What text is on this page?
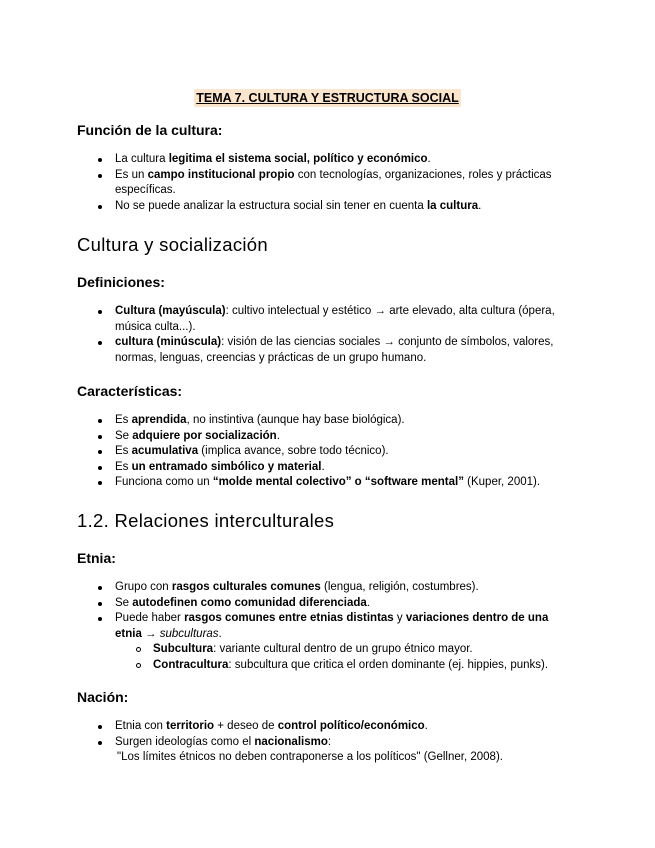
TEMA 7. CULTURA Y ESTRUCTURA SOCIAL
Función de la cultura:
La cultura legitima el sistema social, político y económico.
Es un campo institucional propio con tecnologías, organizaciones, roles y prácticas específicas.
No se puede analizar la estructura social sin tener en cuenta la cultura.
Cultura y socialización
Definiciones:
Cultura (mayúscula): cultivo intelectual y estético → arte elevado, alta cultura (ópera, música culta...).
cultura (minúscula): visión de las ciencias sociales → conjunto de símbolos, valores, normas, lenguas, creencias y prácticas de un grupo humano.
Características:
Es aprendida, no instintiva (aunque hay base biológica).
Se adquiere por socialización.
Es acumulativa (implica avance, sobre todo técnico).
Es un entramado simbólico y material.
Funciona como un “molde mental colectivo” o “software mental” (Kuper, 2001).
1.2. Relaciones interculturales
Etnia:
Grupo con rasgos culturales comunes (lengua, religión, costumbres).
Se autodefinen como comunidad diferenciada.
Puede haber rasgos comunes entre etnias distintas y variaciones dentro de una etnia → subculturas.
Subcultura: variante cultural dentro de un grupo étnico mayor.
Contracultura: subcultura que critica el orden dominante (ej. hippies, punks).
Nación:
Etnia con territorio + deseo de control político/económico.
Surgen ideologías como el nacionalismo:
"Los límites étnicos no deben contraponerse a los políticos" (Gellner, 2008).
